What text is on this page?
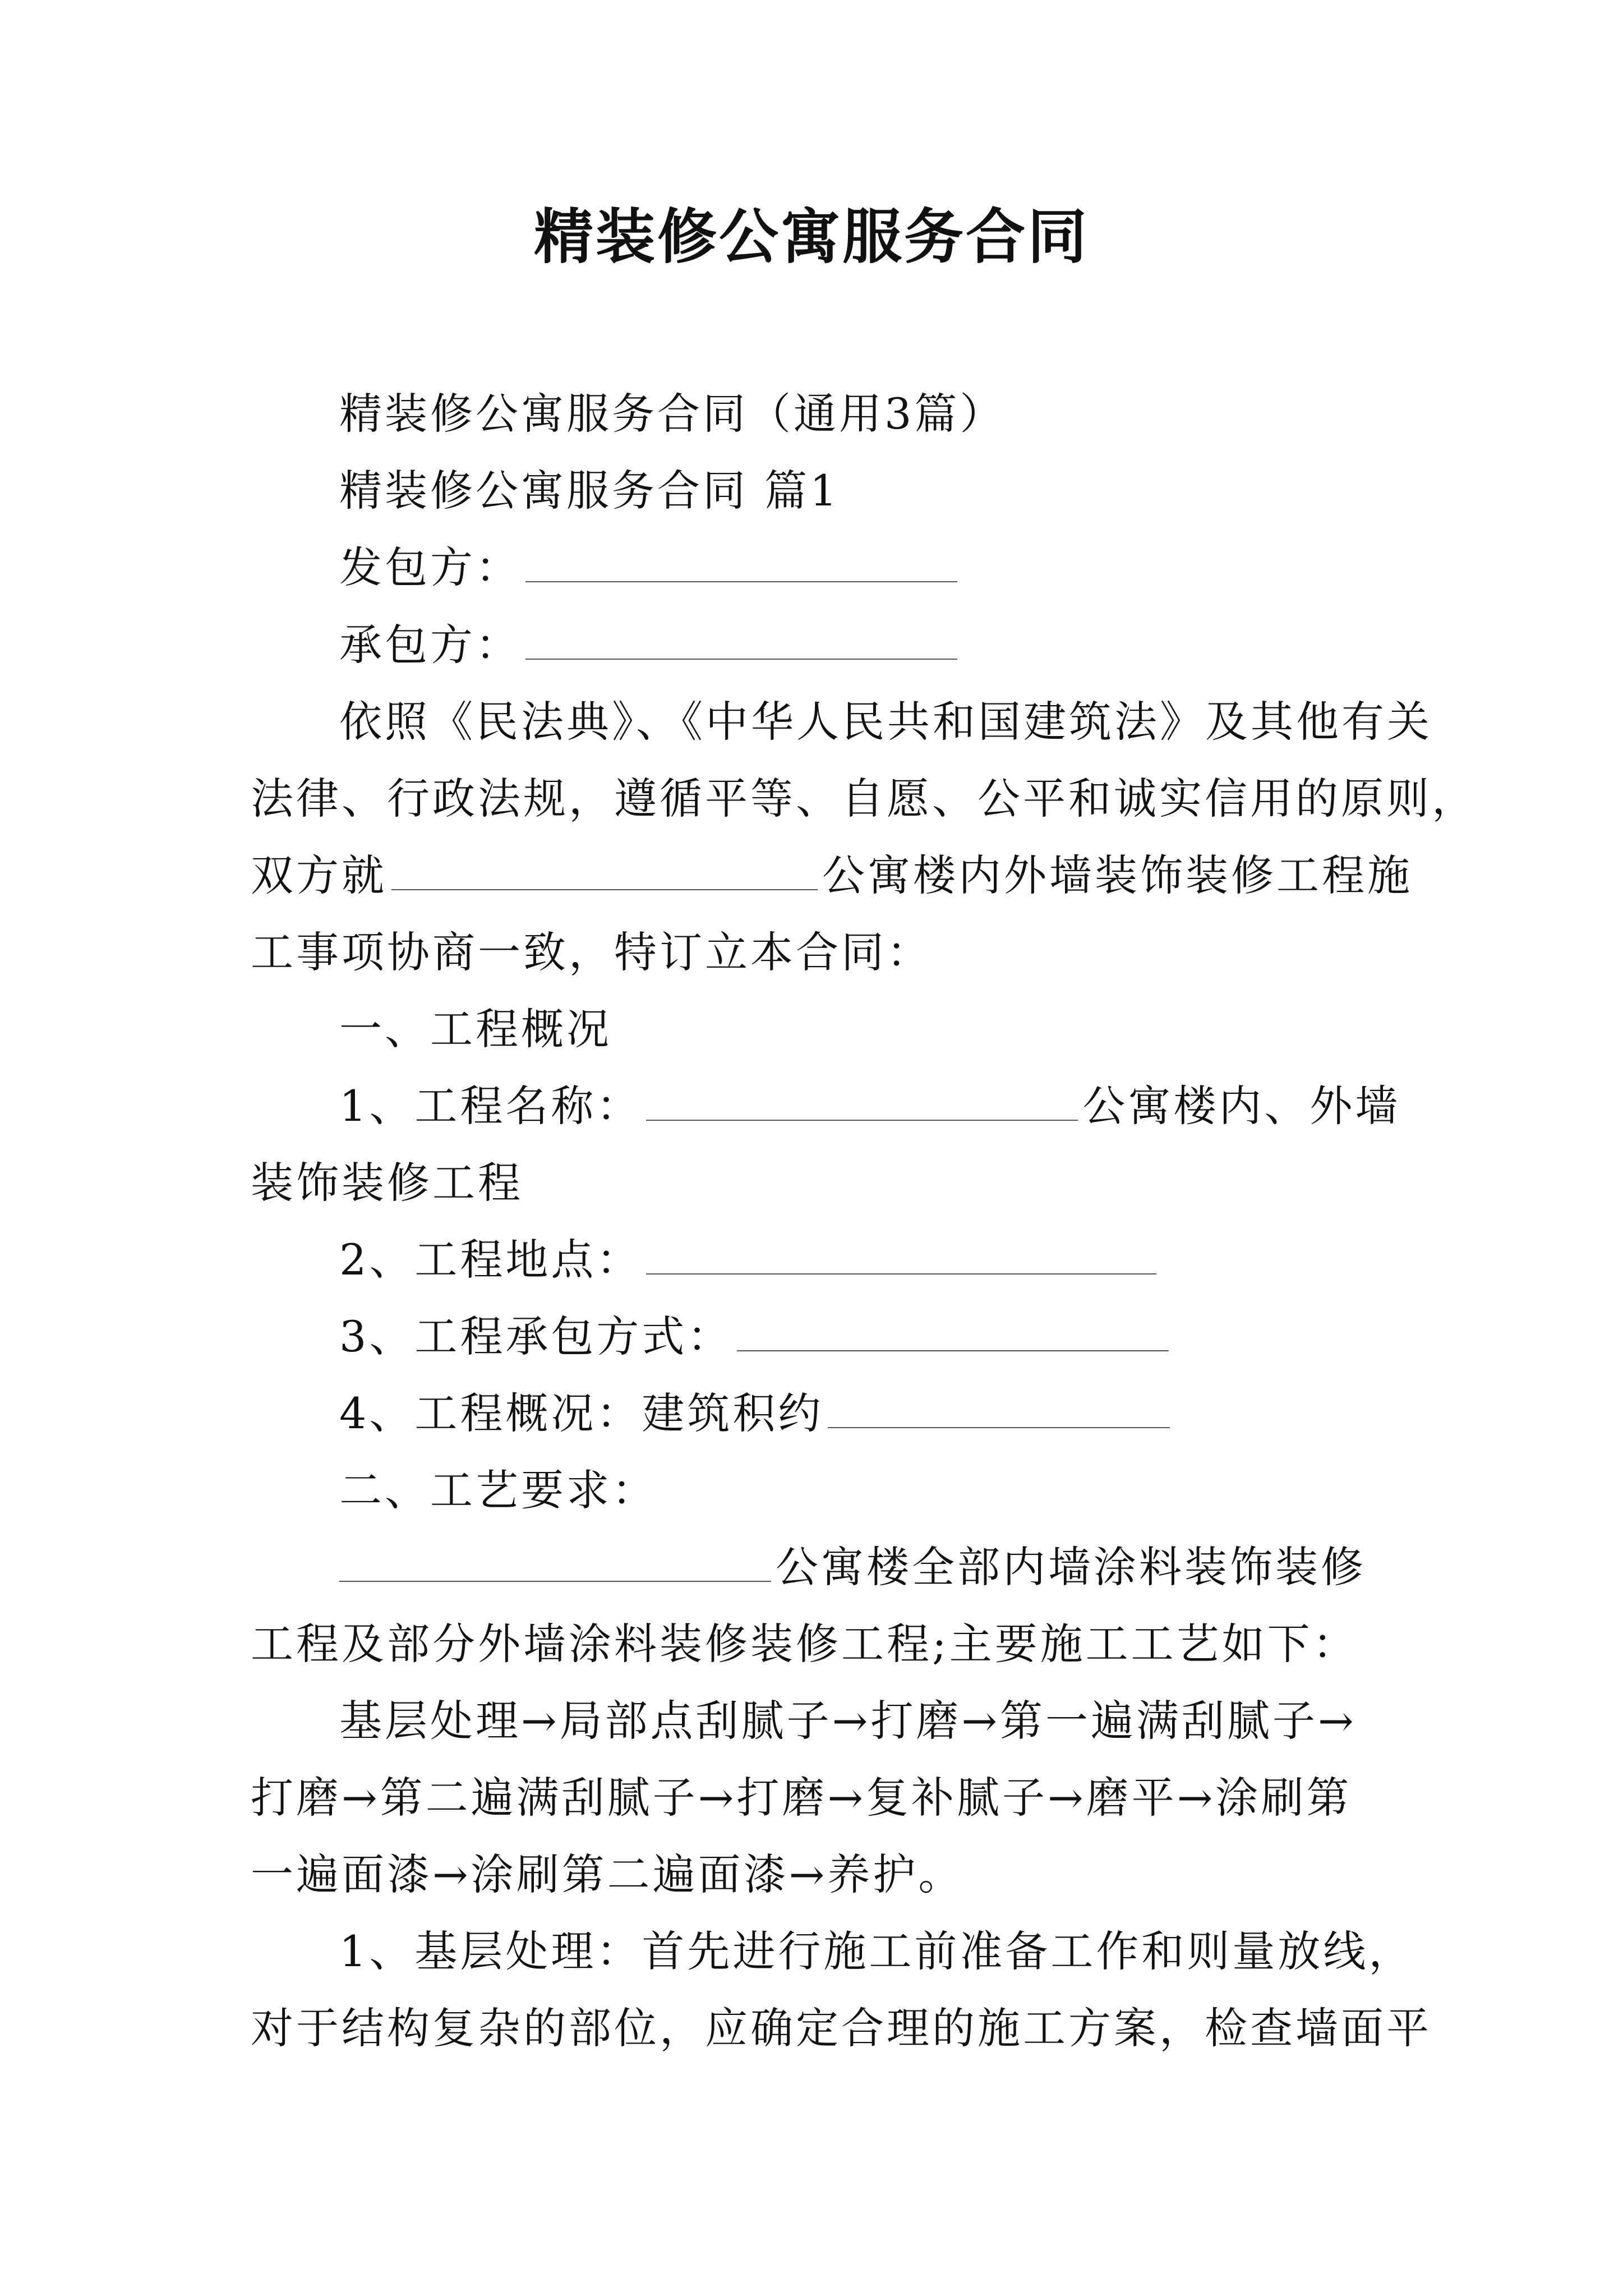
精装修公寓服务合同
精装修公寓服务合同（通用3篇）
精装修公寓服务合同 篇1
发包方：
承包方：
依照《民法典》、《中华人民共和国建筑法》及其他有关
法律、行政法规，遵循平等、自愿、公平和诚实信用的原则，
双方就	公寓楼内外墙装饰装修工程施
工事项协商一致，特订立本合同：
一、工程概况
1、工程名称：	公寓楼内、外墙
装饰装修工程
2、工程地点：
3、工程承包方式：
4、工程概况：建筑积约
二、工艺要求：
公寓楼全部内墙涂料装饰装修
工程及部分外墙涂料装修装修工程;主要施工工艺如下：
基层处理→局部点刮腻子→打磨→第一遍满刮腻子→
打磨→第二遍满刮腻子→打磨→复补腻子→磨平→涂刷第
一遍面漆→涂刷第二遍面漆→养护。
1、基层处理：首先进行施工前准备工作和则量放线，
对于结构复杂的部位，应确定合理的施工方案，检查墙面平
